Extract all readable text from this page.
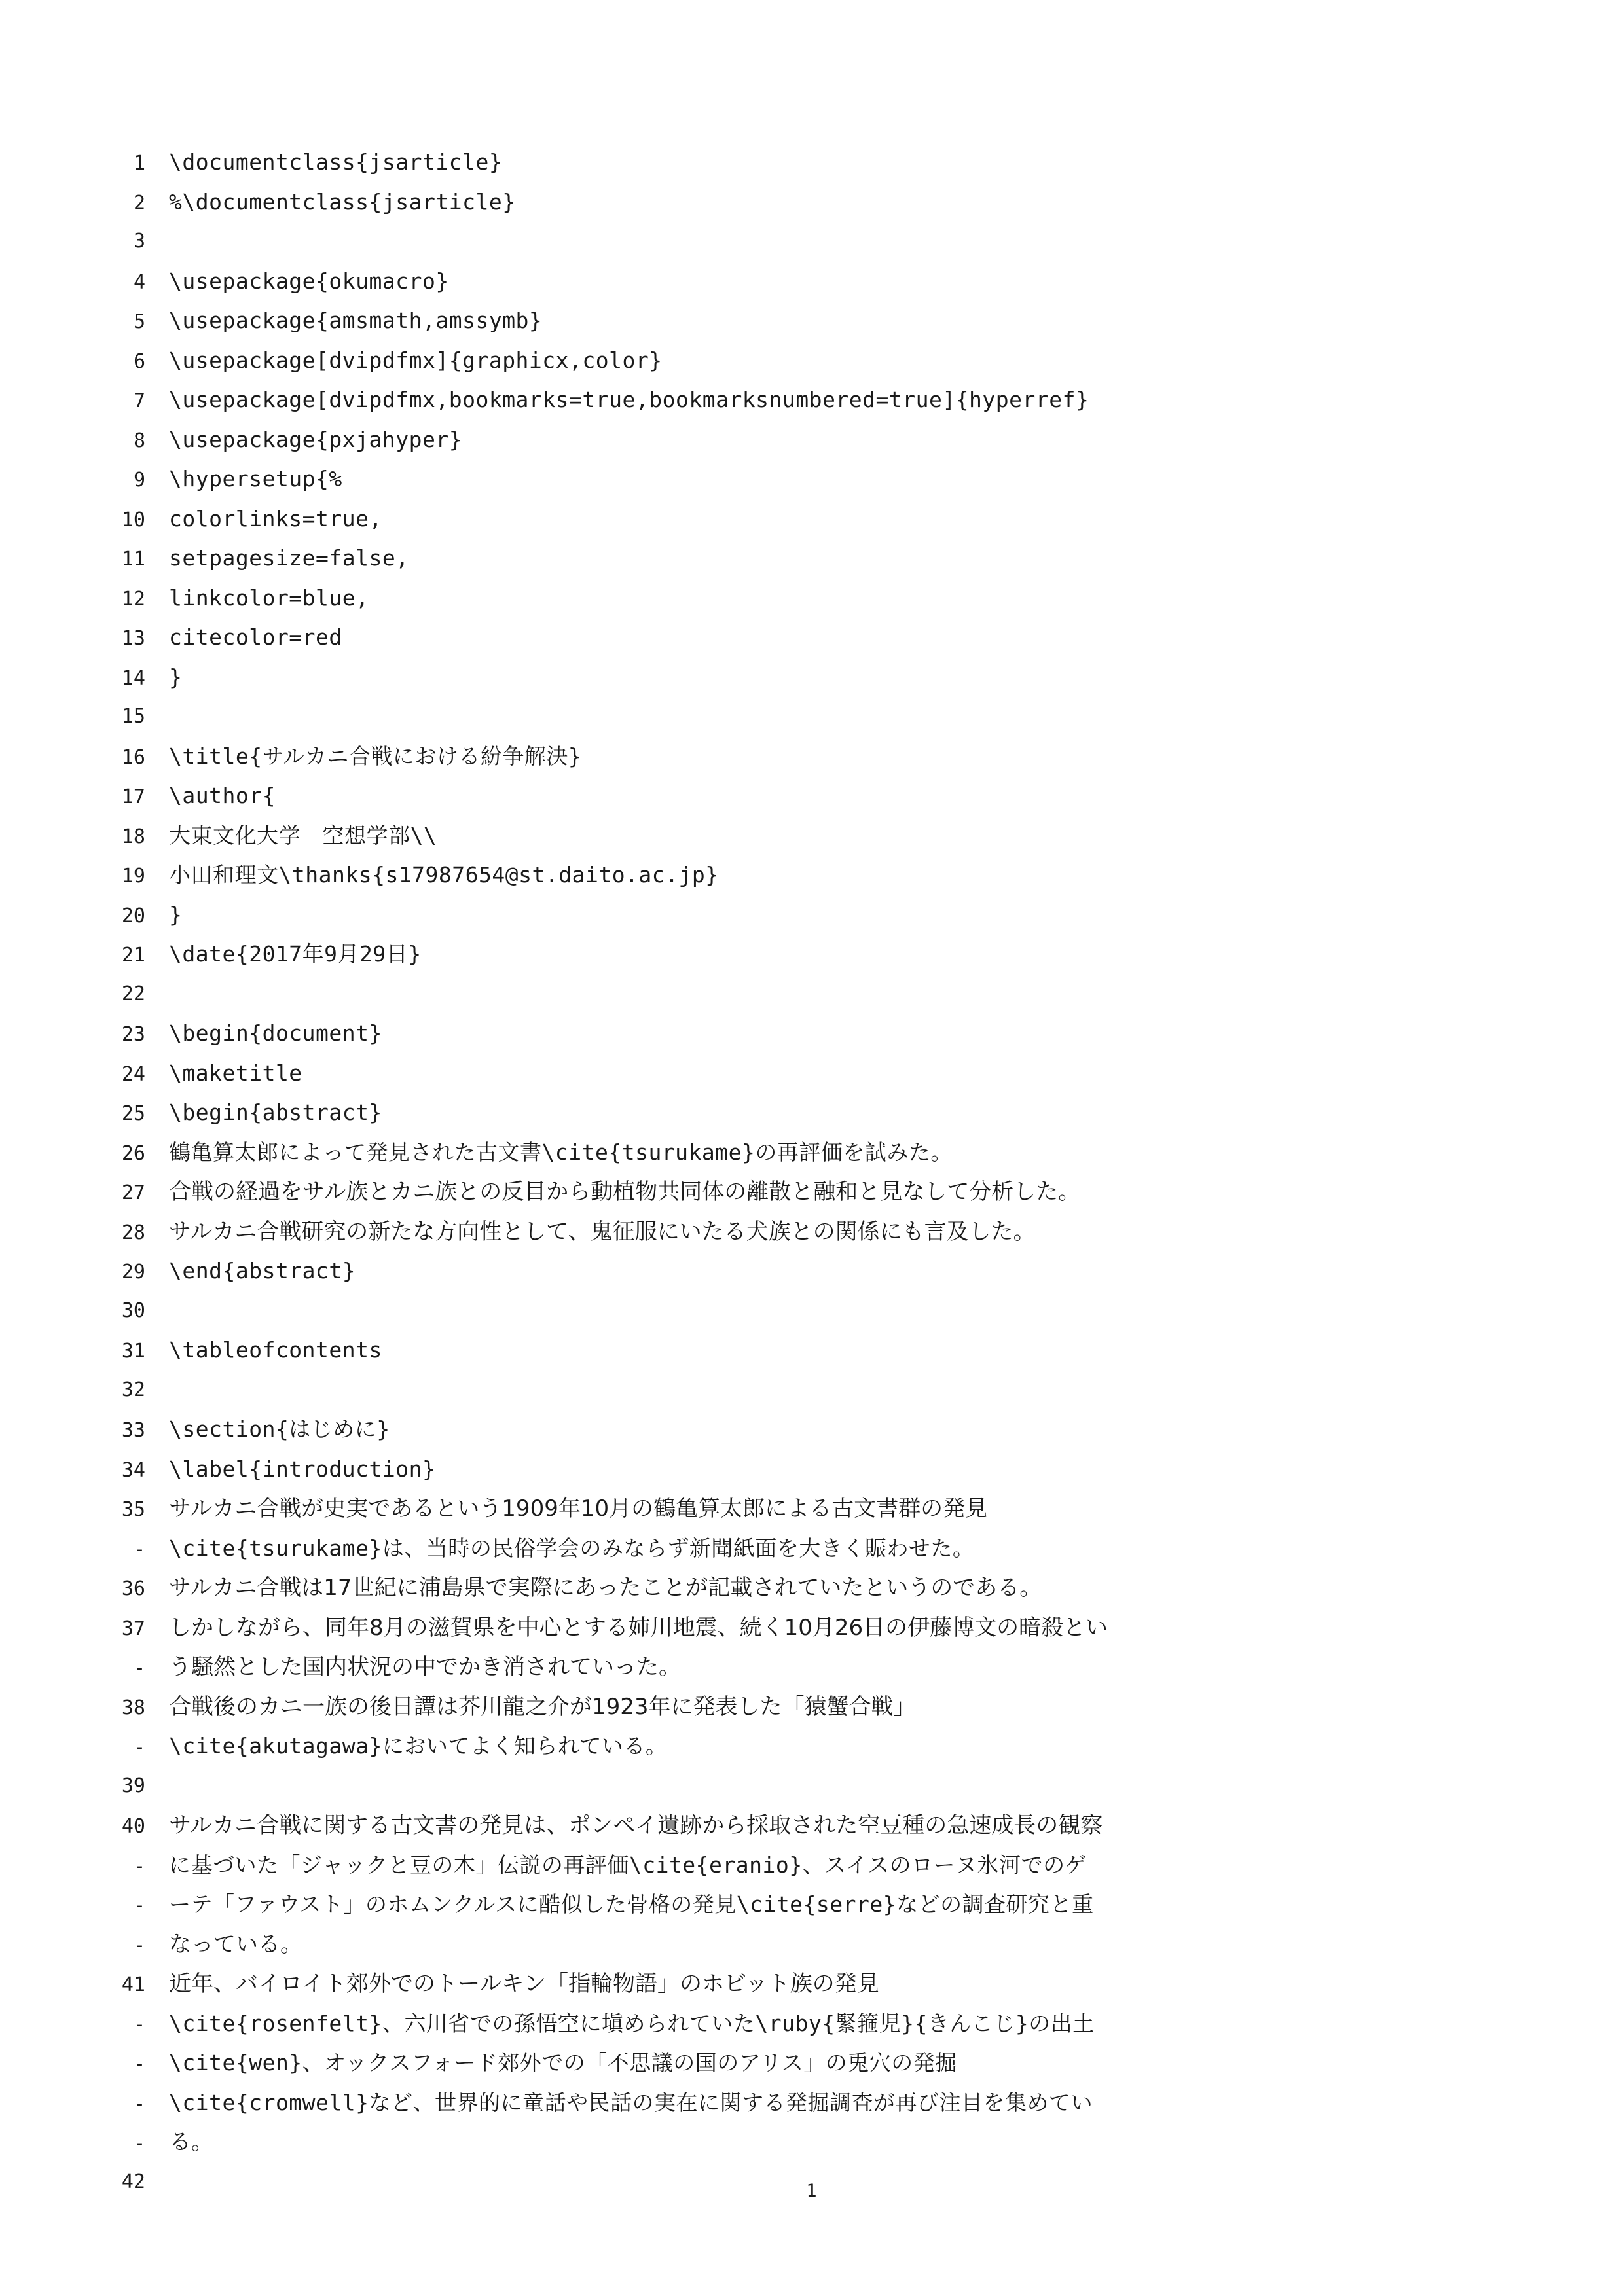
1	\documentclass{jsarticle}
2	%\documentclass{jsarticle}
3
4	\usepackage{okumacro}
5	\usepackage{amsmath,amssymb}
6	\usepackage[dvipdfmx]{graphicx,color}
7	\usepackage[dvipdfmx,bookmarks=true,bookmarksnumbered=true]{hyperref}
8	\usepackage{pxjahyper}
9	\hypersetup{%
10	colorlinks=true,
11	setpagesize=false,
12	linkcolor=blue,
13	citecolor=red
14	}
15
16	\title{サルカニ合戦における紛争解決}
17	\author{
18	大東文化大学　空想学部\\
19	小田和理文\thanks{s17987654@st.daito.ac.jp}
20	}
21	\date{2017年9月29日}
22
23	\begin{document}
24	\maketitle
25	\begin{abstract}
26	鶴亀算太郎によって発見された古文書\cite{tsurukame}の再評価を試みた。
27	合戦の経過をサル族とカニ族との反目から動植物共同体の離散と融和と見なして分析した。
28	サルカニ合戦研究の新たな方向性として、鬼征服にいたる犬族との関係にも言及した。
29	\end{abstract}
30
31	\tableofcontents
32
33	\section{はじめに}
34	\label{introduction}
35	サルカニ合戦が史実であるという1909年10月の鶴亀算太郎による古文書群の発見
-	\cite{tsurukame}は、当時の民俗学会のみならず新聞紙面を大きく賑わせた。
36	サルカニ合戦は17世紀に浦島県で実際にあったことが記載されていたというのである。
37	しかしながら、同年8月の滋賀県を中心とする姉川地震、続く10月26日の伊藤博文の暗殺とい
-	う騒然とした国内状況の中でかき消されていった。
38	合戦後のカニ一族の後日譚は芥川龍之介が1923年に発表した「猿蟹合戦」
-	\cite{akutagawa}においてよく知られている。
39
40	サルカニ合戦に関する古文書の発見は、ポンペイ遺跡から採取された空豆種の急速成長の観察
-	に基づいた「ジャックと豆の木」伝説の再評価\cite{eranio}、スイスのローヌ氷河でのゲ
-	ーテ「ファウスト」のホムンクルスに酷似した骨格の発見\cite{serre}などの調査研究と重
-	なっている。
41	近年、バイロイト郊外でのトールキン「指輪物語」のホビット族の発見
-	\cite{rosenfelt}、六川省での孫悟空に塡められていた\ruby{緊箍児}{きんこじ}の出土
-	\cite{wen}、オックスフォード郊外での「不思議の国のアリス」の兎穴の発掘
-	\cite{cromwell}など、世界的に童話や民話の実在に関する発掘調査が再び注目を集めてい
-	る。
42	1
